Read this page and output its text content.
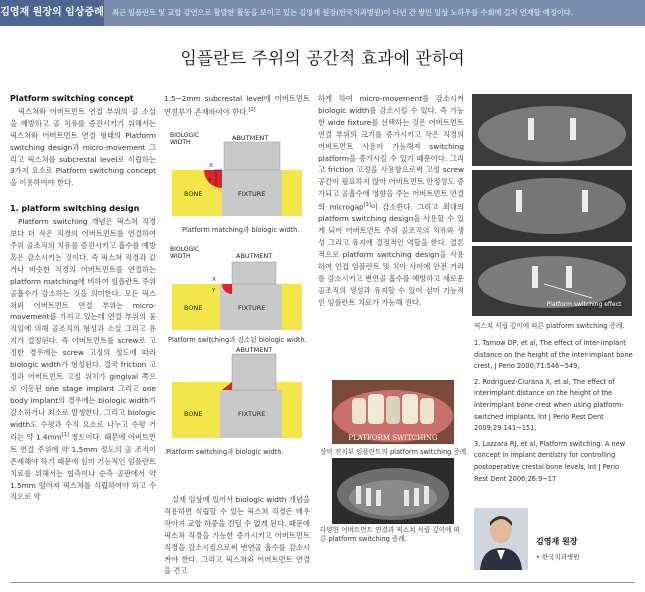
김영재 원장의 임상증례 최근 임플란트 및 교합 강연으로 활발한 활동을 보이고 있는 김영재 원장(한국치과병원)이 다년 간 쌓인 임상 노하우를 수회에 걸쳐 연재할 예정이다.
임플란트 주위의 공간적 효과에 관하여
Platform switching concept

픽스쳐와 어버트먼트 연결 부위의 골 소실을 예방하고 골 치유를 증진시키기 위해서는 픽스쳐와 어버트먼트 연결 형태의 Platform switching design과 micro-movement 그리고 픽스쳐를 subcrestal level로 식립하는 3가지 요소로 Platform switching concept을 이용하여야 한다.

1. platform switching design

Platform switching 개념은 픽스쳐 직경보다 더 작은 직경의 어버트먼트를 연결하여 주위 골조직의 치유를 증진시키고 흡수를 예방 혹은 감소시키는 것이다. 즉 픽스쳐 직경과 같거나 비슷한 직경의 어버트먼트를 연결하는 platform matching에 비하여 임플란트 주위 골흡수가 감소하는 것을 의미한다. 모든 픽스쳐와 어버트먼트 연결 부위는 micro-movement를 가지고 있는데 연결 부위의 움직임에 의해 골조직의 형성과 소실 그리고 유지가 결정된다. 즉 어버트먼트를 screw로 고정한 경우에는 screw 고정의 정도에 따라 biologic width가 형성된다. 결국 friction 고정과 어버트먼트 고정 위치가 gingival 쪽으로 이동된 one stage implant 그리고 one body implant의 경우에는 biologic width가 감소하거나 최소로 발생한다. 그리고 biologic width도 수평과 수직 요소로 나누고 수평 거리는 약 1.4mm[1] 정도이다. 때문에 어버트먼트 연결 주위에 약 1.5mm 정도의 골 조직이 존재해야 하기 때문에 심미 기능적인 임플란트 치료를 위해서는 협측이나 순측 골판에서 약 1.5mm 떨어져 픽스쳐를 식립하여야 하고 수직으로 약

1.5~2mm subcrestal level에 어버트먼트 연결부가 존재하여야 한다.[2]

BIOLOGIC
WIDTH
ABUTMENT
BONE	FIXTURE
X
Y
Platform matching과 biologic width.
BIOLOGIC
WIDTH	ABUTMENT
BONE	FIXTURE
X
Y
Platform switching과 감소된 biologic width.
ABUTMENT
BONE	FIXTURE
Platform switching과 biologic width.

실제 임상에 있어서 biologic width 개념을 적용하면 식립할 수 있는 픽스쳐 직경은 매우 작아져 교합 하중을 견딜 수 없게 된다. 때문에 픽스쳐 직경을 가능한 증가시키고 어버트먼트 직경을 감소시킴으로써 변연골 흡수를 감소시켜야 한다. 그리고 픽스쳐와 어버트먼트 연결을 견고

하게 하여 micro-movement를 감소시켜 biologic width를 감소시킬 수 있다. 즉 가능한 wide fixture를 선택하는 것은 어버트먼트 연결 부위의 크기를 증가시키고 작은 직경의 어버트먼트 사용이 가능해져 switching platform을 증가시킬 수 있기 때문이다. 그리고 friction 고정을 사용함으로써 고정 screw 공간이 필요하지 않아 어버트먼트 안정성도 증가되고 골흡수에 영향을 주는 어버트먼트 연결의 microgap[3]이 감소한다. 그리고 최대의 platform switching design을 사용할 수 있게 되어 어버트먼트 주위 골조직의 치유와 생성 그리고 유지에 결정적인 역할을 한다. 결론적으로 platform switching design을 사용하여 인접 임플란트 및 치아 사이에 안전 거리를 감소시키고 변연골 흡수를 예방하고 새로운 골조직의 생성과 유지할 수 있어 심미 기능적인 임플란트 치료가 가능해 진다.

PLATFORM SWITCHING
상악 전치부 임플란트의 platform switching 증례.
다양한 어버트먼트 연결과 픽스쳐 식립 깊이에 따른 platform switching 증례.
Platform switching effect
픽스쳐 식립 깊이에 따른 platform switching 증례.
1. Tarnow DP, et al, The effect of inter-implant distance on the height of the inter-implant bone crest, J Perio 2000;71:546~549,
2. Rodriguez-Ciurana X, et al, The effect of interimplant distance on the height of the interimplant bone crest when using platform-switched implants, Int J Perio Rest Dent 2009;29:141~151,
3. Lazzara RJ, et al, Platform switching: A new concept in implant dentistry for controlling postoperative crestal bone levels, Int J Perio Rest Dent 2006;26:9~17
김영재 원장
• 한국치과병원
